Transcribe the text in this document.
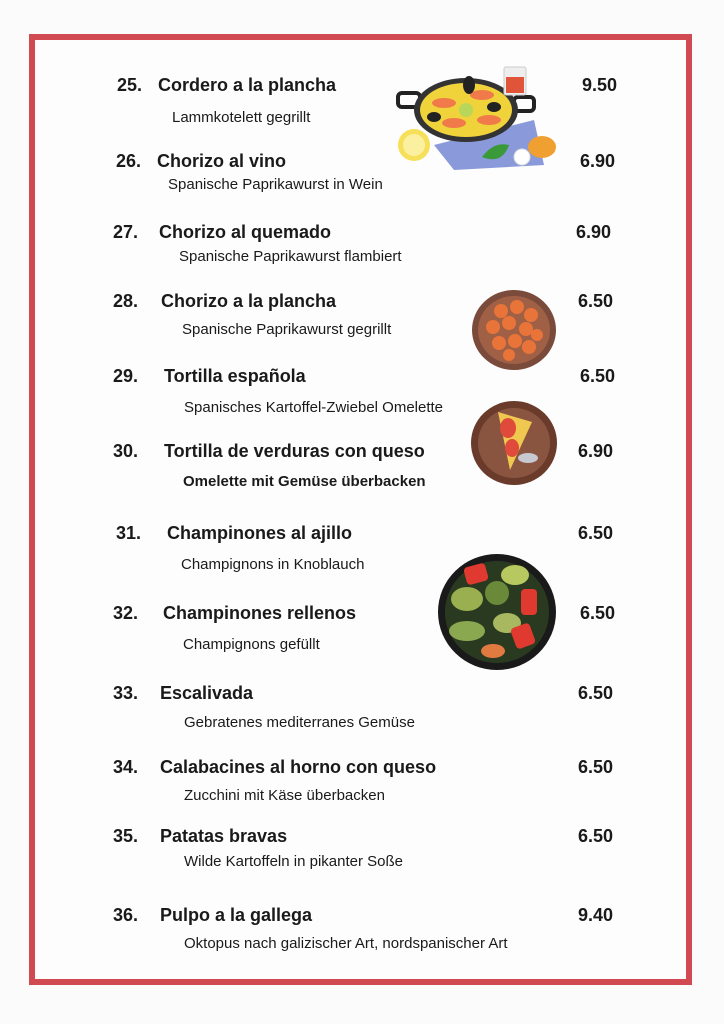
25. Cordero a la plancha
Lammkotelett gegrillt
9.50
26. Chorizo al vino
Spanische Paprikawurst in Wein
6.90
27. Chorizo al quemado
Spanische Paprikawurst flambiert
6.90
28. Chorizo a la plancha
Spanische Paprikawurst gegrillt
6.50
29. Tortilla española
Spanisches Kartoffel-Zwiebel Omelette
6.50
30. Tortilla de verduras con queso
Omelette mit Gemüse überbacken
6.90
31. Champinones al ajillo
Champignons in Knoblauch
6.50
32. Champinones rellenos
Champignons gefüllt
6.50
33. Escalivada
Gebratenes mediterranes Gemüse
6.50
34. Calabacines al horno con queso
Zucchini mit Käse überbacken
6.50
35. Patatas bravas
Wilde Kartoffeln in pikanter Soße
6.50
36. Pulpo a la gallega
Oktopus nach galizischer Art, nordspanischer Art
9.40
